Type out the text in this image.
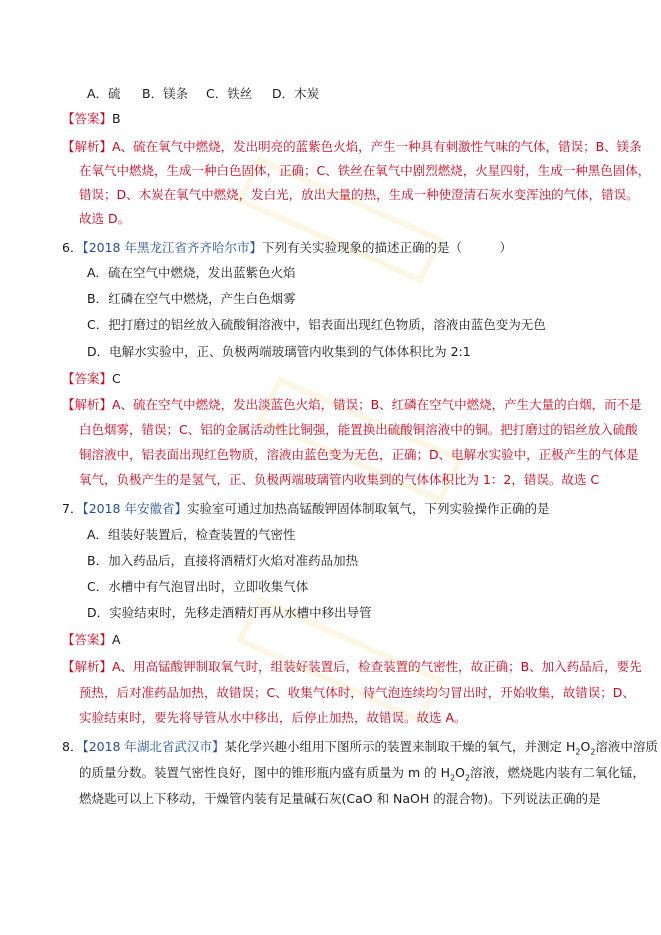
A．硫 B．镁条 C．铁丝 D．木炭
【答案】B
【解析】A、硫在氧气中燃烧，发出明亮的蓝紫色火焰，产生一种具有刺激性气味的气体，错误；B、镁条
在氧气中燃烧，生成一种白色固体，正确；C、铁丝在氧气中剧烈燃烧，火星四射，生成一种黑色固体，
错误；D、木炭在氧气中燃烧，发白光，放出大量的热，生成一种使澄清石灰水变浑浊的气体，错误。
故选 D。
6．【2018 年黑龙江省齐齐哈尔市】下列有关实验现象的描述正确的是（　　　）
A．硫在空气中燃烧，发出蓝紫色火焰
B．红磷在空气中燃烧，产生白色烟雾
C．把打磨过的铝丝放入硫酸铜溶液中，铝表面出现红色物质，溶液由蓝色变为无色
D．电解水实验中，正、负极两端玻璃管内收集到的气体体积比为 2:1
【答案】C
【解析】A、硫在空气中燃烧，发出淡蓝色火焰，错误；B、红磷在空气中燃烧，产生大量的白烟，而不是
白色烟雾，错误；C、铝的金属活动性比铜强，能置换出硫酸铜溶液中的铜。把打磨过的铝丝放入硫酸
铜溶液中，铝表面出现红色物质，溶液由蓝色变为无色，正确；D、电解水实验中，正极产生的气体是
氧气，负极产生的是氢气，正、负极两端玻璃管内收集到的气体体积比为 1：2，错误。故选 C
7．【2018 年安徽省】实验室可通过加热高锰酸钾固体制取氧气，下列实验操作正确的是
A．组装好装置后，检查装置的气密性
B．加入药品后，直接将酒精灯火焰对准药品加热
C．水槽中有气泡冒出时，立即收集气体
D．实验结束时，先移走酒精灯再从水槽中移出导管
【答案】A
【解析】A、用高锰酸钾制取氧气时，组装好装置后，检查装置的气密性，故正确；B、加入药品后，要先
预热，后对准药品加热，故错误；C、收集气体时，待气泡连续均匀冒出时，开始收集，故错误；D、
实验结束时，要先将导管从水中移出，后停止加热，故错误。故选 A。
8．【2018 年湖北省武汉市】某化学兴趣小组用下图所示的装置来制取干燥的氧气，并测定 $H_2O_2$溶液中溶质
的质量分数。装置气密性良好，图中的锥形瓶内盛有质量为 m 的 $H_2O_2$溶液，燃烧匙内装有二氧化锰，
燃烧匙可以上下移动，干燥管内装有足量碱石灰(CaO 和 NaOH 的混合物)。下列说法正确的是
